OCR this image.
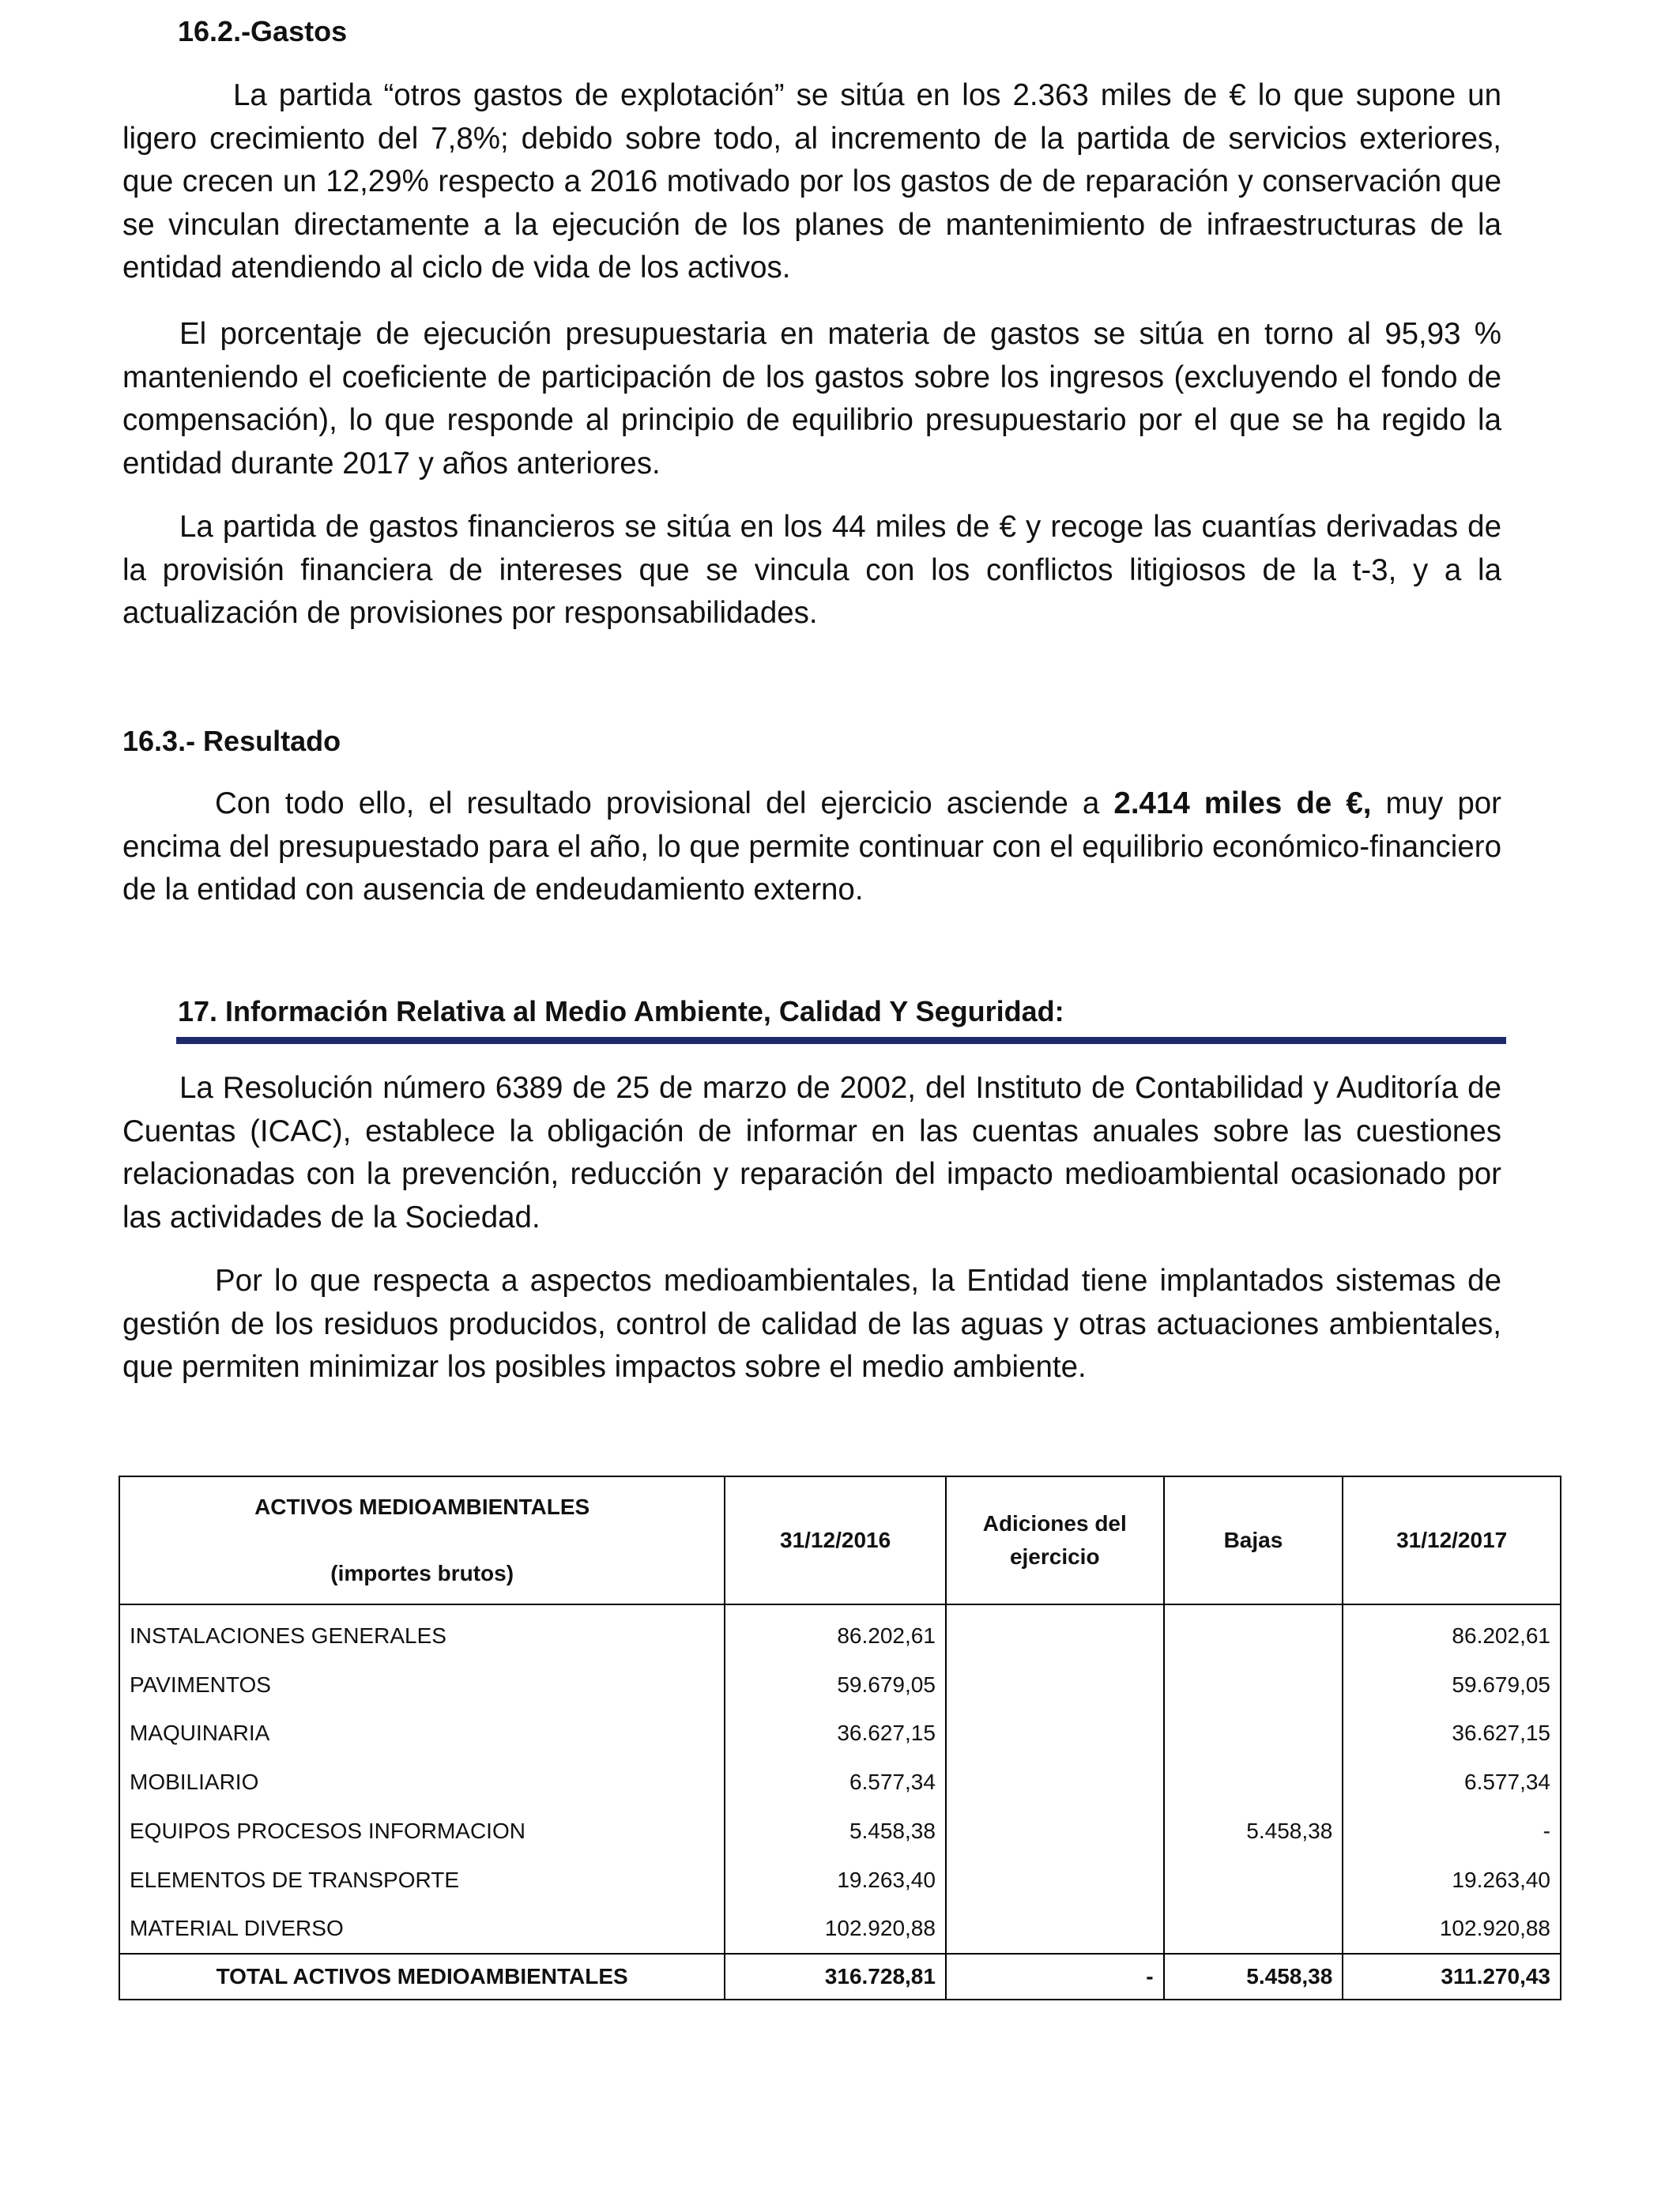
16.2.-Gastos

La partida “otros gastos de explotación” se sitúa en los 2.363 miles de € lo que supone un ligero crecimiento del 7,8%; debido sobre todo, al incremento de la partida de servicios exteriores, que crecen un 12,29% respecto a 2016 motivado por los gastos de de reparación y conservación que se vinculan directamente a la ejecución de los planes de mantenimiento de infraestructuras de la entidad atendiendo al ciclo de vida de los activos.

El porcentaje de ejecución presupuestaria en materia de gastos se sitúa en torno al 95,93 % manteniendo el coeficiente de participación de los gastos sobre los ingresos (excluyendo el fondo de compensación), lo que responde al principio de equilibrio presupuestario por el que se ha regido la entidad durante 2017 y años anteriores.

La partida de gastos financieros se sitúa en los 44 miles de € y recoge las cuantías derivadas de la provisión financiera de intereses que se vincula con los conflictos litigiosos de la t-3, y a la actualización de provisiones por responsabilidades.

16.3.- Resultado

Con todo ello, el resultado provisional del ejercicio asciende a 2.414 miles de €, muy por encima del presupuestado para el año, lo que permite continuar con el equilibrio económico-financiero de la entidad con ausencia de endeudamiento externo.

17. Información Relativa al Medio Ambiente, Calidad Y Seguridad:

La Resolución número 6389 de 25 de marzo de 2002, del Instituto de Contabilidad y Auditoría de Cuentas (ICAC), establece la obligación de informar en las cuentas anuales sobre las cuestiones relacionadas con la prevención, reducción y reparación del impacto medioambiental ocasionado por las actividades de la Sociedad.

Por lo que respecta a aspectos medioambientales, la Entidad tiene implantados sistemas de gestión de los residuos producidos, control de calidad de las aguas y otras actuaciones ambientales, que permiten minimizar los posibles impactos sobre el medio ambiente.

ACTIVOS MEDIOAMBIENTALES
(importes brutos)	31/12/2016	Adiciones del ejercicio	Bajas	31/12/2017
INSTALACIONES GENERALES	86.202,61			86.202,61
PAVIMENTOS	59.679,05			59.679,05
MAQUINARIA	36.627,15			36.627,15
MOBILIARIO	6.577,34			6.577,34
EQUIPOS PROCESOS INFORMACION	5.458,38		5.458,38	-
ELEMENTOS DE TRANSPORTE	19.263,40			19.263,40
MATERIAL DIVERSO	102.920,88			102.920,88
TOTAL ACTIVOS MEDIOAMBIENTALES	316.728,81	-	5.458,38	311.270,43
